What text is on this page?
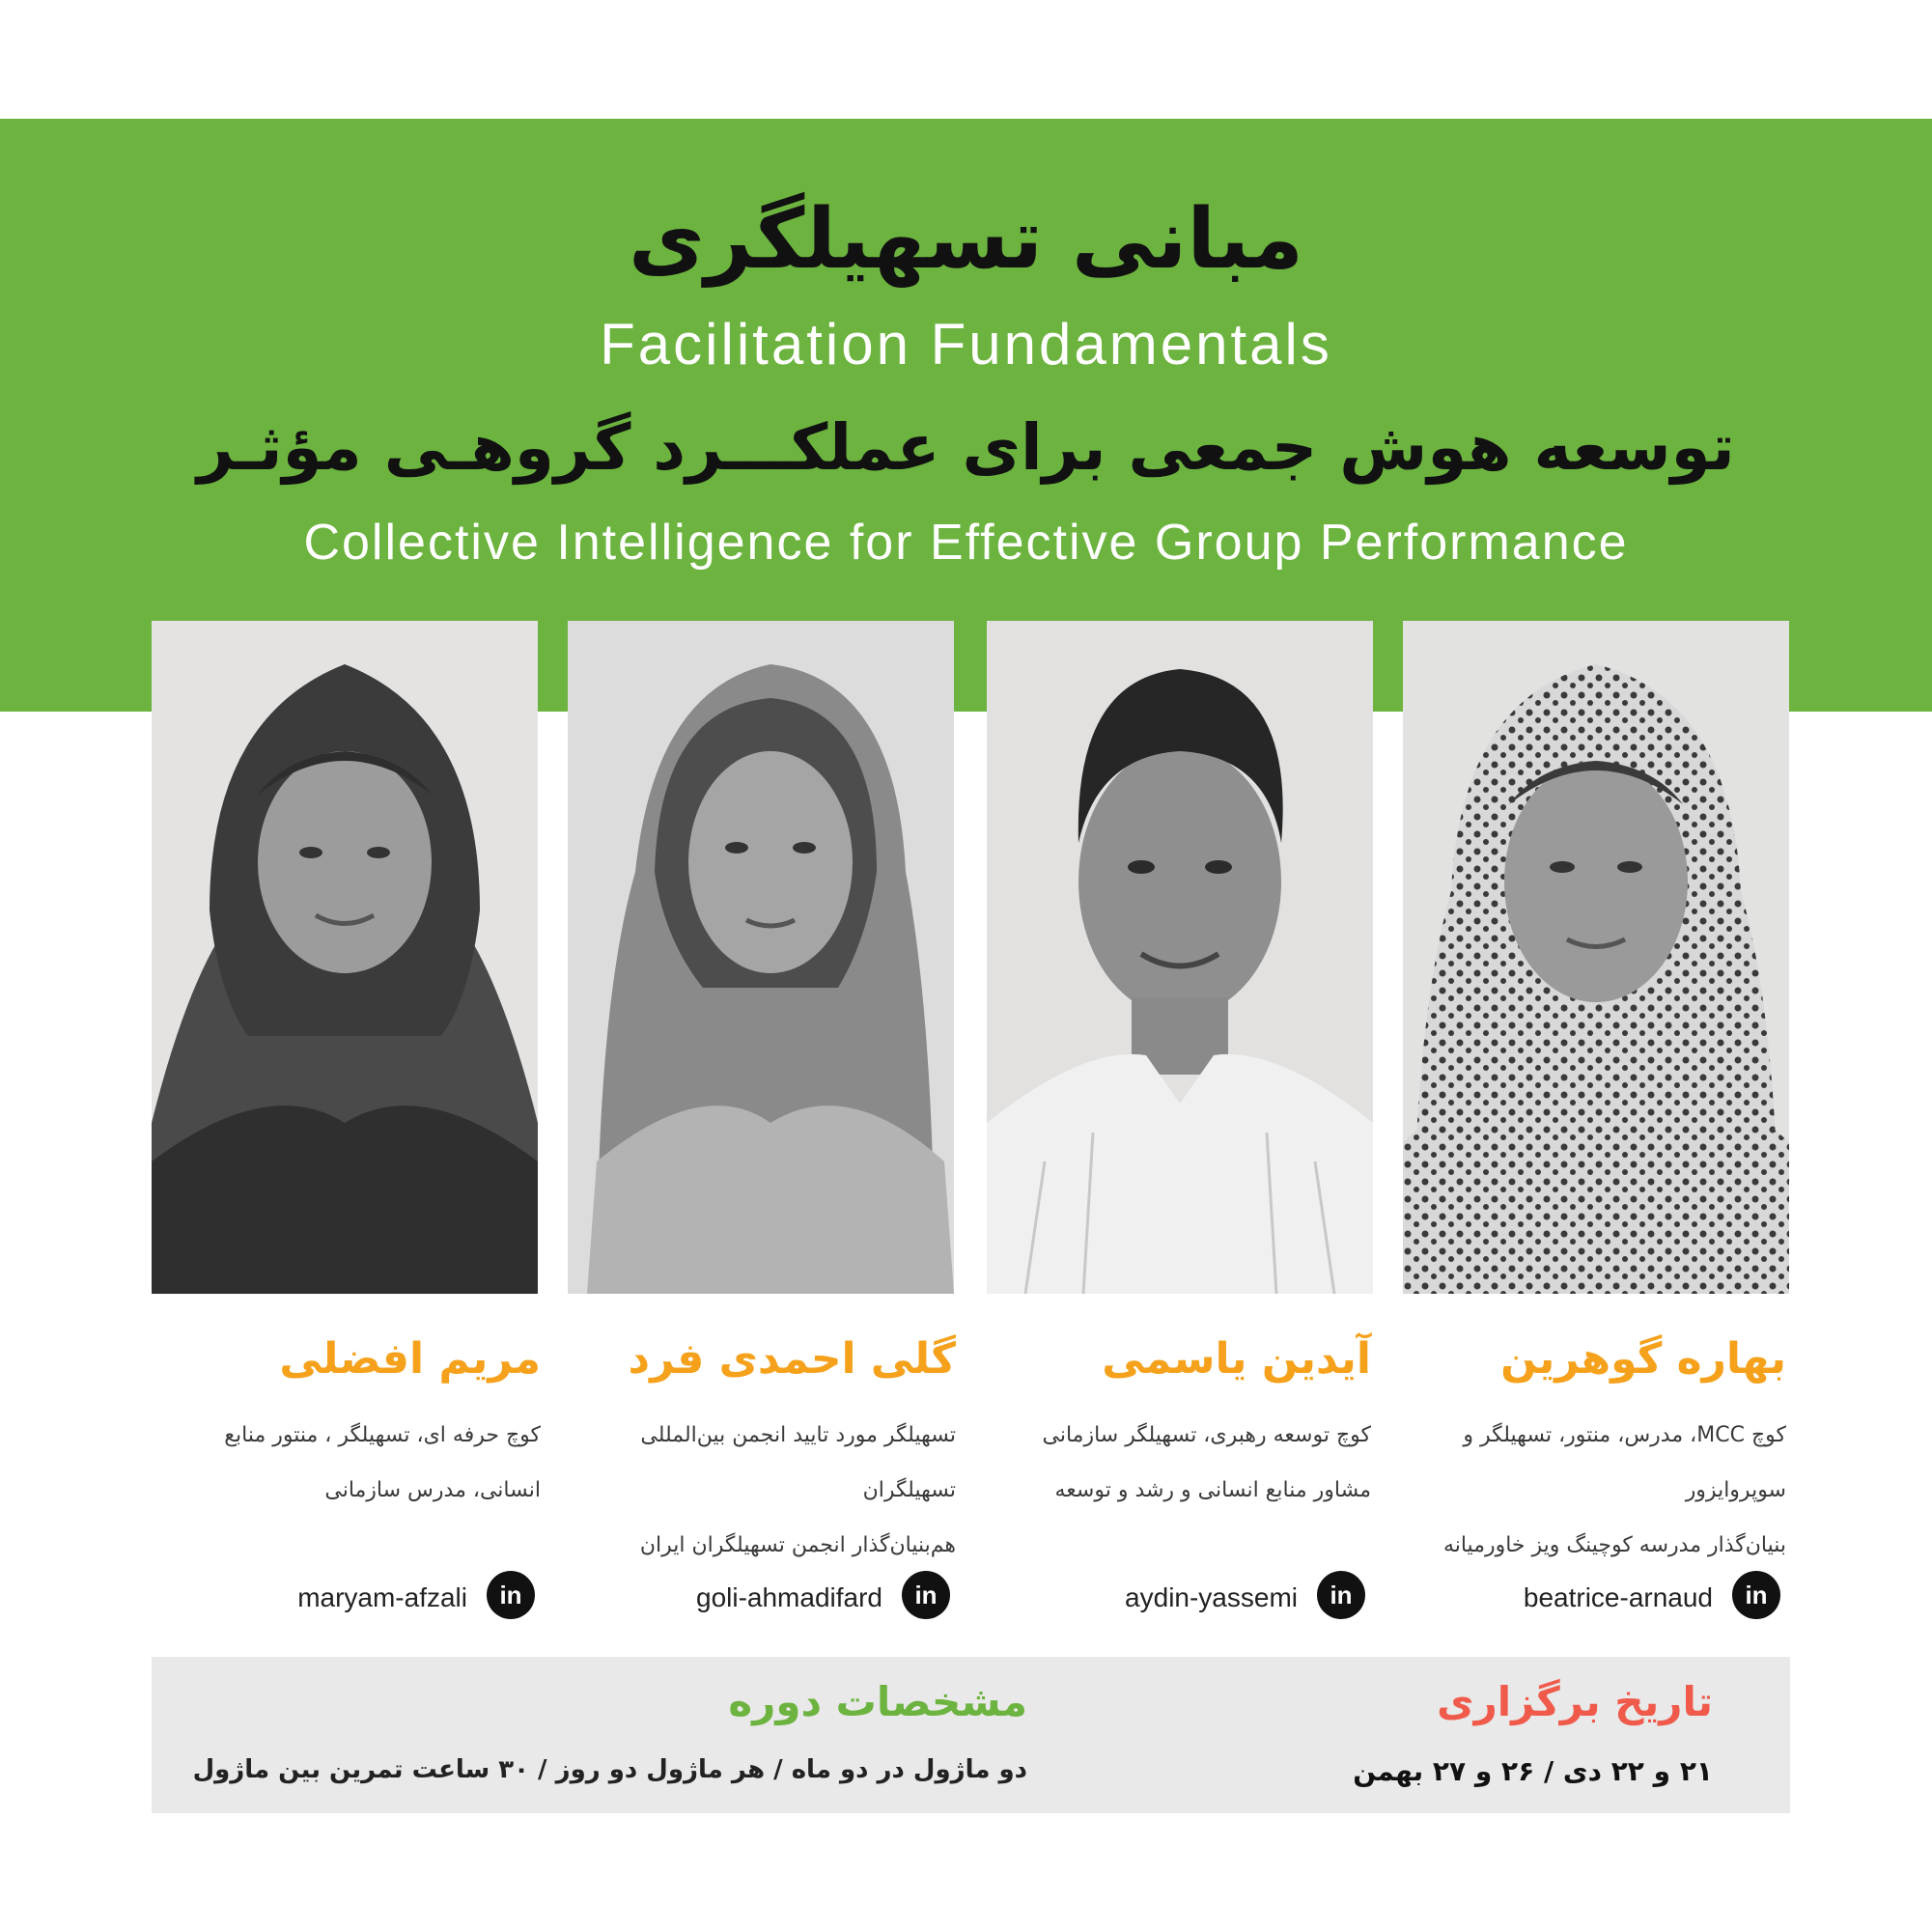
مبانی تسهیلگری
Facilitation Fundamentals
توسعه هوش جمعی برای عملکـــرد گروهـی مؤثـر
Collective Intelligence for Effective Group Performance
مریم افضلی	گلی احمدی فرد	آیدین یاسمی	بهاره گوهرین
کوچ حرفه ای، تسهیلگر ، منتور منابع
انسانی، مدرس سازمانی
تسهیلگر مورد تایید انجمن بین‌المللی
تسهیلگران
هم‌بنیان‌گذار انجمن تسهیلگران ایران
کوچ توسعه رهبری، تسهیلگر سازمانی
مشاور منابع انسانی و رشد و توسعه
کوچ MCC، مدرس، منتور، تسهیلگر و
سوپروایزور
بنیان‌گذار مدرسه کوچینگ ویز خاورمیانه
maryam-afzali	in	goli-ahmadifard	in	aydin-yassemi	in	beatrice-arnaud	in
تاریخ برگزاری
۲۱ و ۲۲ دی / ۲۶ و ۲۷ بهمن
مشخصات دوره
دو ماژول در دو ماه / هر ماژول دو روز / ۳۰ ساعت تمرین بین ماژول
